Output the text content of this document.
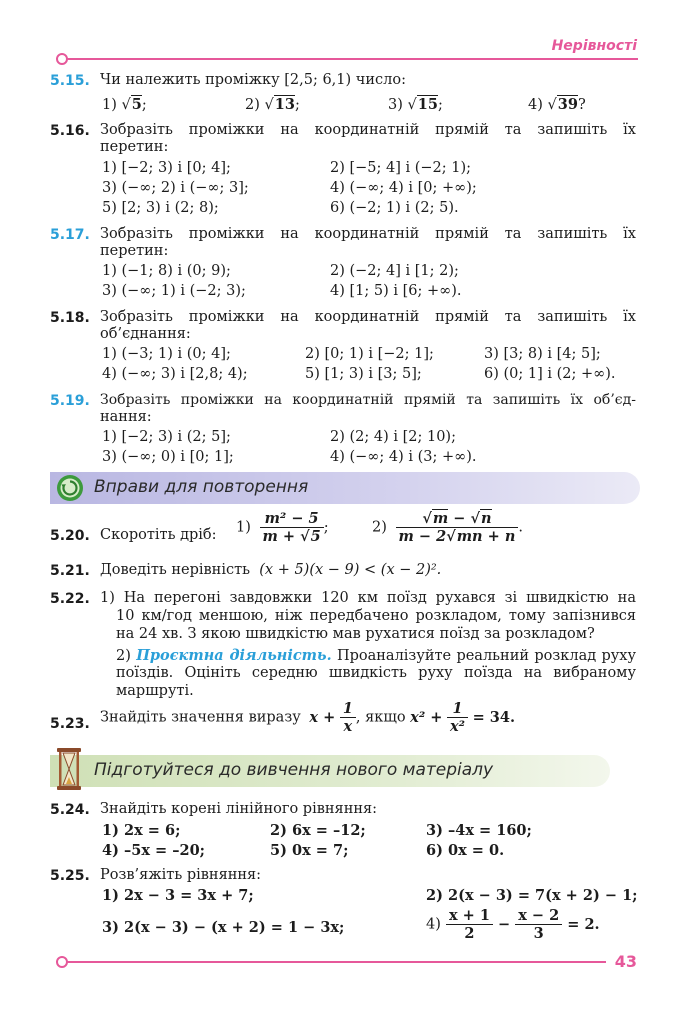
Нерівності
5.15. Чи належить проміжку [2,5; 6,1) число:
1) √5;	2) √13;	3) √15;	4) √39?
5.16. Зобразіть проміжки на координатній прямій та запишіть їх
перетин:
1) [−2; 3) і [0; 4];	2) [−5; 4] і (−2; 1);
3) (−∞; 2) і (−∞; 3];	4) (−∞; 4) і [0; +∞);
5) [2; 3) і (2; 8);	6) (−2; 1) і (2; 5).
5.17. Зобразіть проміжки на координатній прямій та запишіть їх
перетин:
1) (−1; 8) і (0; 9);	2) (−2; 4] і [1; 2);
3) (−∞; 1) і (−2; 3);	4) [1; 5) і [6; +∞).
5.18. Зобразіть проміжки на координатній прямій та запишіть їх
об’єднання:
1) (−3; 1) і (0; 4];	2) [0; 1) і [−2; 1];	3) [3; 8) і [4; 5];
4) (−∞; 3) і [2,8; 4);	5) [1; 3) і [3; 5];	6) (0; 1] і (2; +∞).
5.19. Зобразіть проміжки на координатній прямій та запишіть їх об’єд-
нання:
1) [−2; 3) і (2; 5];	2) (2; 4) і [2; 10);
3) (−∞; 0) і [0; 1];	4) (−∞; 4) і (3; +∞).
Вправи для повторення
5.20. Скоротіть дріб: $1) \frac{\text{m² − 5}}{m + √5}$ ;	$2) \frac{√m - √n}{m - 2√mn + n}$ .
5.21. Доведіть нерівність (x + 5)(x − 9) < (x − 2)².
5.22. 1) На перегоні завдовжки 120 км поїзд рухався зі швидкістю на
10 км/год меншою, ніж передбачено розкладом, тому запізнився
на 24 хв. З якою швидкістю мав рухатися поїзд за розкладом?
2) Проєктна діяльність. Проаналізуйте реальний розклад руху
поїздів. Оцініть середню швидкість руху поїзда на вибраному
маршруті.
5.23. Знайдіть значення виразу $x + \frac{1}{x}$ , якщо $x^2 + \frac{1}{\text{x²}} = 34$.
Підготуйтеся до вивчення нового матеріалу
5.24. Знайдіть корені лінійного рівняння:
1) 2x = 6;	2) 6x = –12;	3) –4x = 160;
4) –5x = –20;	5) 0x = 7;	6) 0x = 0.
5.25. Розв’яжіть рівняння:
1) 2x − 3 = 3x + 7;	2) 2(x − 3) = 7(x + 2) − 1;
3) 2(x − 3) − (x + 2) = 1 − 3x;	$4) \frac{x + 1}{2} - \frac{x - 2}{3} = 2$.
43
